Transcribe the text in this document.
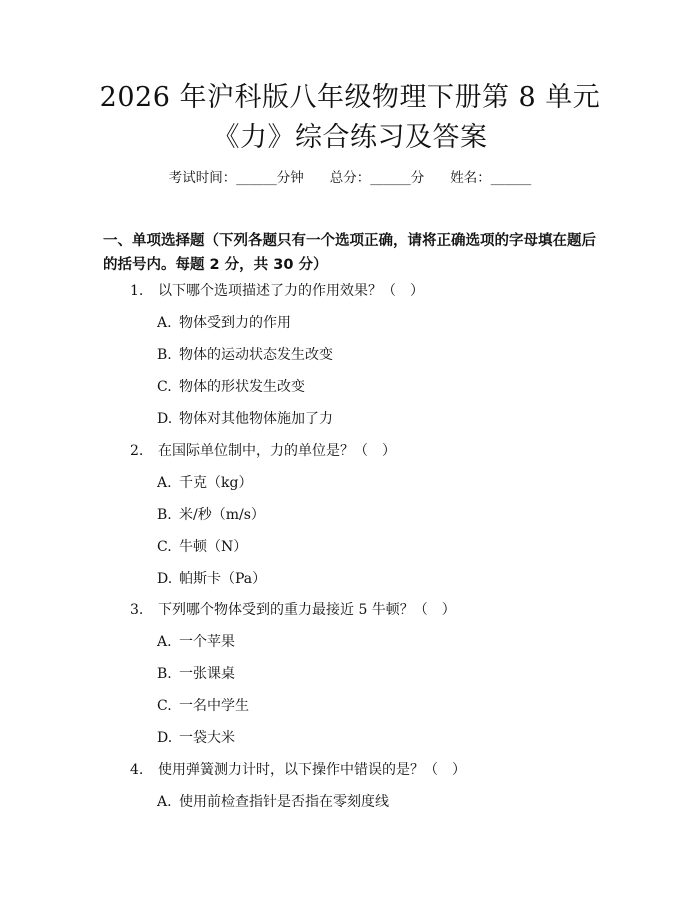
2026 年沪科版八年级物理下册第 8 单元
《力》综合练习及答案
考试时间：______分钟 总分：______分 姓名：______
一、单项选择题（下列各题只有一个选项正确，请将正确选项的字母填在题后的括号内。每题 2 分，共 30 分）
1. 以下哪个选项描述了力的作用效果？（　）
A. 物体受到力的作用
B. 物体的运动状态发生改变
C. 物体的形状发生改变
D. 物体对其他物体施加了力
2. 在国际单位制中，力的单位是？（　）
A. 千克（kg）
B. 米/秒（m/s）
C. 牛顿（N）
D. 帕斯卡（Pa）
3. 下列哪个物体受到的重力最接近 5 牛顿？（　）
A. 一个苹果
B. 一张课桌
C. 一名中学生
D. 一袋大米
4. 使用弹簧测力计时，以下操作中错误的是？（　）
A. 使用前检查指针是否指在零刻度线
